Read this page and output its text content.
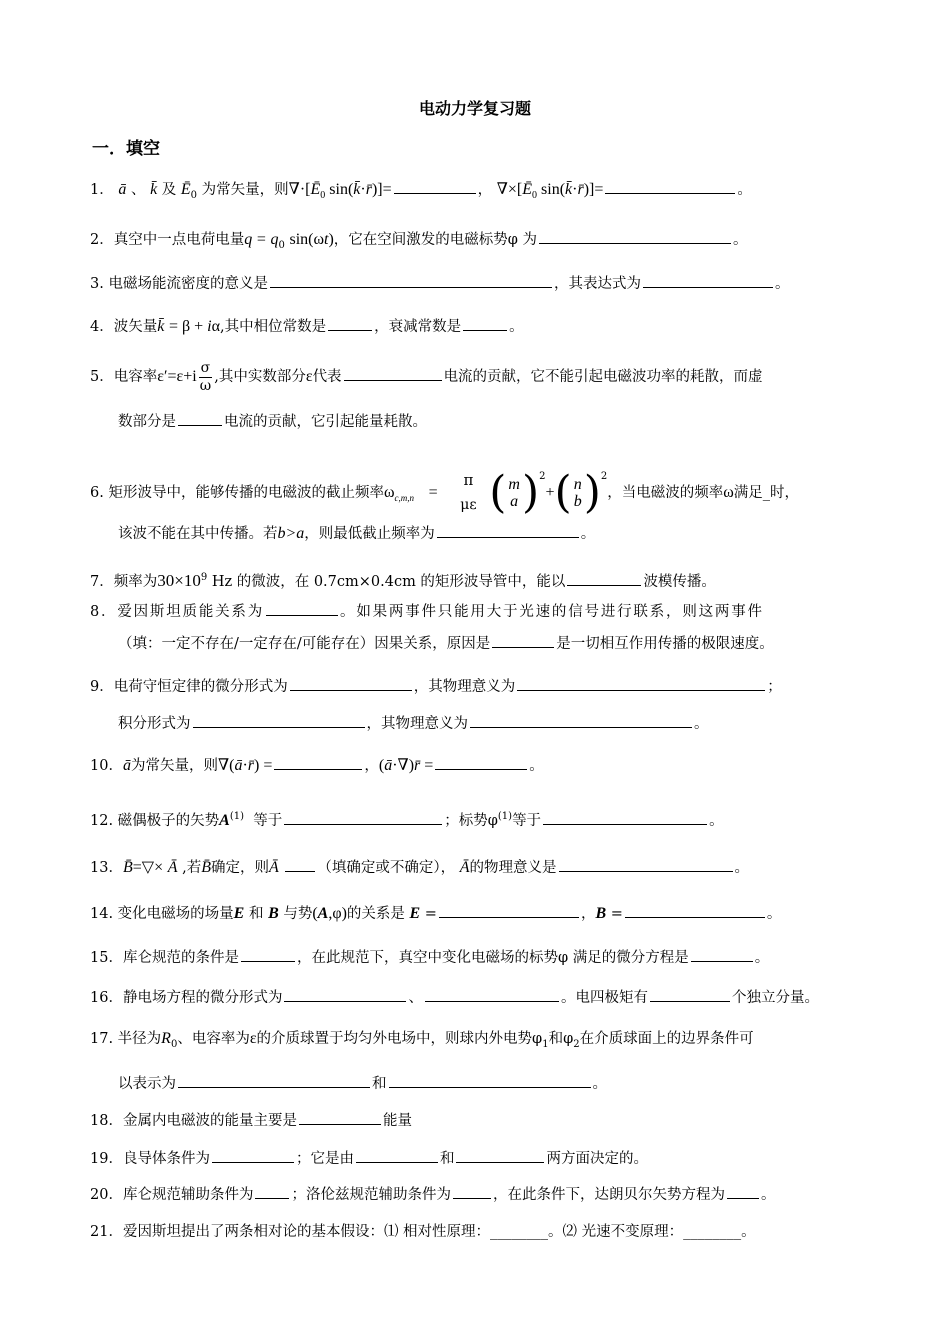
电动力学复习题
一．填空
1． ā 、 k̄ 及 $Ē_0$ 为常矢量，则$\nabla\cdot[Ē_0$ sin(k̄·r̄)]=	， $\nabla\times[Ē_0$ sin(k̄·r̄)]=	。
2．真空中一点电荷电量$q = q_0$ sin(ωt)，它在空间激发的电磁标势φ 为	。
3. 电磁场能流密度的意义是	，其表达式为	。
4．波矢量k̄ = β + iα,其中相位常数是	，衰减常数是	。
5．电容率$\varepsilon'=\varepsilon+i \frac{\sigma}{\omega}$ ,其中实数部分ε代表	电流的贡献，它不能引起电磁波功率的耗散，而虚
数部分是	电流的贡献，它引起能量耗散。
6. 矩形波导中，能够传播的电磁波的截止频率$\omega_{c,m,n}$ =
π
με ( m
a )$^2$+( n
b )$^2$，当电磁波的频率ω满足_时，
该波不能在其中传播。若b>a，则最低截止频率为	。
7．频率为$30\times 10^9$ Hz 的微波，在 0.7cm×0.4cm 的矩形波导管中，能以	波模传播。
8．爱因斯坦质能关系为	。如果两事件只能用大于光速的信号进行联系，则这两事件
（填：一定不存在/一定存在/可能存在）因果关系，原因是	是一切相互作用传播的极限速度。
9．电荷守恒定律的微分形式为	，其物理意义为	；
积分形式为	，其物理意义为	。
10．ā为常矢量，则∇(ā·r̄) =	，(ā·∇)r̄ =	。
12. 磁偶极子的矢势$A^{(1)}$ 等于	；标势$\varphi^{(1)}$等于	。
13．B̄=▽× Ā ,若B̄确定，则Ā	（填确定或不确定）， Ā的物理意义是	。
14. 变化电磁场的场量E 和 B 与势(A,φ)的关系是 E =	，B =	。
15．库仑规范的条件是	，在此规范下，真空中变化电磁场的标势φ 满足的微分方程是	。
16．静电场方程的微分形式为	、	。电四极矩有	个独立分量。
17. 半径为$R_0$、电容率为ε的介质球置于均匀外电场中，则球内外电势$\varphi_1$和$\varphi_2$在介质球面上的边界条件可
以表示为	和	。
18．金属内电磁波的能量主要是	能量
19．良导体条件为	；它是由	和	两方面决定的。
20．库仑规范辅助条件为	；洛伦兹规范辅助条件为	，在此条件下，达朗贝尔矢势方程为 。
21．爱因斯坦提出了两条相对论的基本假设：⑴ 相对性原理：________。⑵ 光速不变原理：________。
